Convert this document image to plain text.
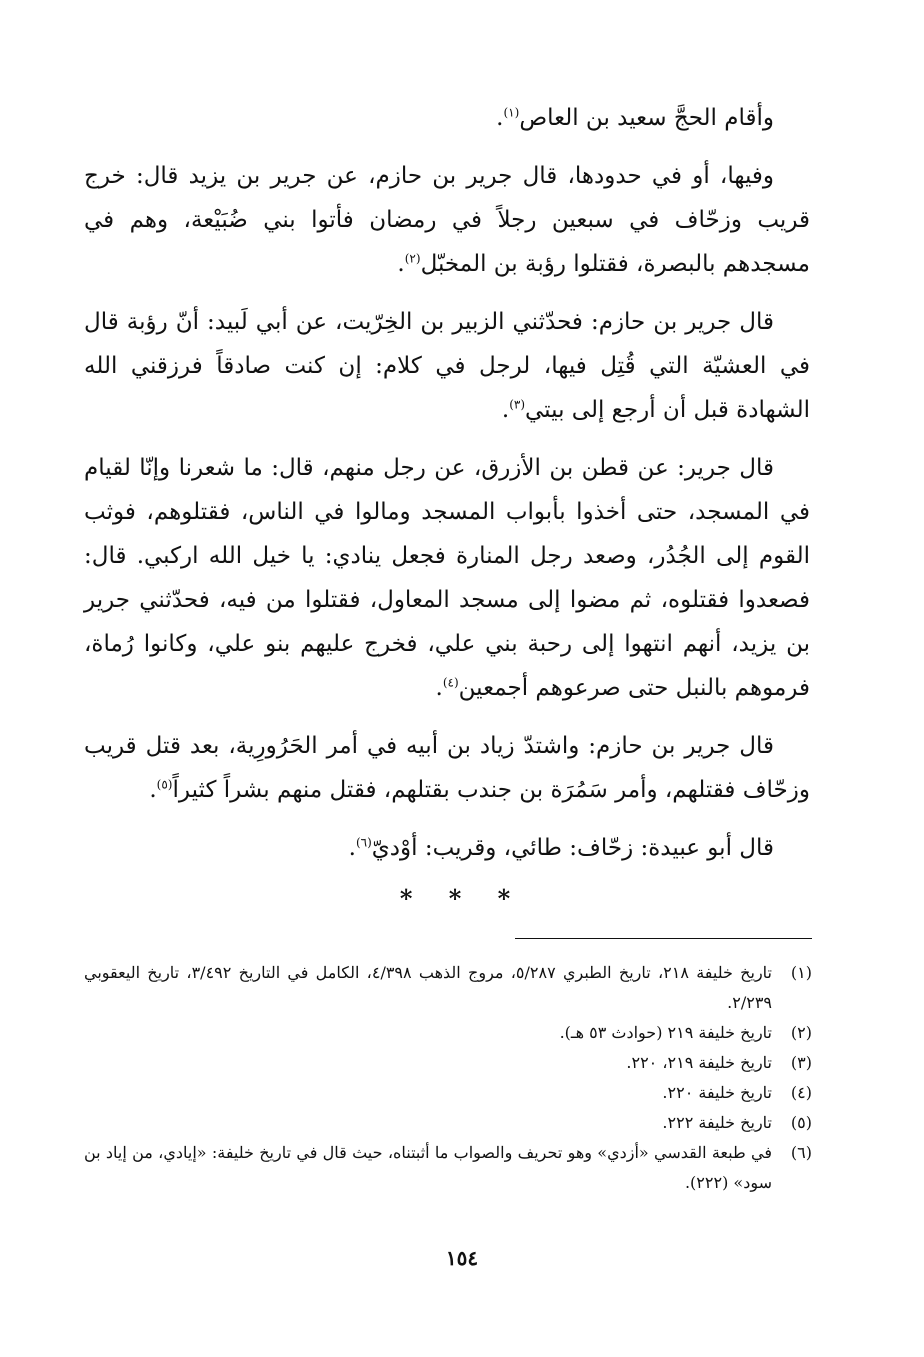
وأقام الحجَّ سعيد بن العاص$^{(١)}$.

وفيها، أو في حدودها، قال جرير بن حازم، عن جرير بن يزيد قال: خرج قريب وزحّاف في سبعين رجلاً في رمضان فأتوا بني ضُبَيْعة، وهم في مسجدهم بالبصرة، فقتلوا رؤبة بن المخبّل$^{(٢)}$.

قال جرير بن حازم: فحدّثني الزبير بن الخِرّيت، عن أبي لَبيد: أنّ رؤبة قال في العشيّة التي قُتِل فيها، لرجل في كلام: إن كنت صادقاً فرزقني الله الشهادة قبل أن أرجع إلى بيتي$^{(٣)}$.

قال جرير: عن قطن بن الأزرق، عن رجل منهم، قال: ما شعرنا وإنّا لقيام في المسجد، حتى أخذوا بأبواب المسجد ومالوا في الناس، فقتلوهم، فوثب القوم إلى الجُدُر، وصعد رجل المنارة فجعل ينادي: يا خيل الله اركبي. قال: فصعدوا فقتلوه، ثم مضوا إلى مسجد المعاول، فقتلوا من فيه، فحدّثني جرير بن يزيد، أنهم انتهوا إلى رحبة بني علي، فخرج عليهم بنو علي، وكانوا رُماة، فرموهم بالنبل حتى صرعوهم أجمعين$^{(٤)}$.

قال جرير بن حازم: واشتدّ زياد بن أبيه في أمر الحَرُورِية، بعد قتل قريب وزحّاف فقتلهم، وأمر سَمُرَة بن جندب بقتلهم، فقتل منهم بشراً كثيراً$^{(٥)}$.

قال أبو عبيدة: زحّاف: طائي، وقريب: أوْديّ$^{(٦)}$.

* * *
(١)
تاريخ خليفة ٢١٨، تاريخ الطبري ٥/٢٨٧، مروج الذهب ٤/٣٩٨، الكامل في التاريخ ٣/٤٩٢، تاريخ اليعقوبي ٢/٢٣٩.
(٢)
تاريخ خليفة ٢١٩ (حوادث ٥٣ هـ).
(٣)
تاريخ خليفة ٢١٩، ٢٢٠.
(٤)
تاريخ خليفة ٢٢٠.
(٥)
تاريخ خليفة ٢٢٢.
(٦)
في طبعة القدسي «أزدي» وهو تحريف والصواب ما أثبتناه، حيث قال في تاريخ خليفة: «إيادي، من إياد بن سود» (٢٢٢).
١٥٤
